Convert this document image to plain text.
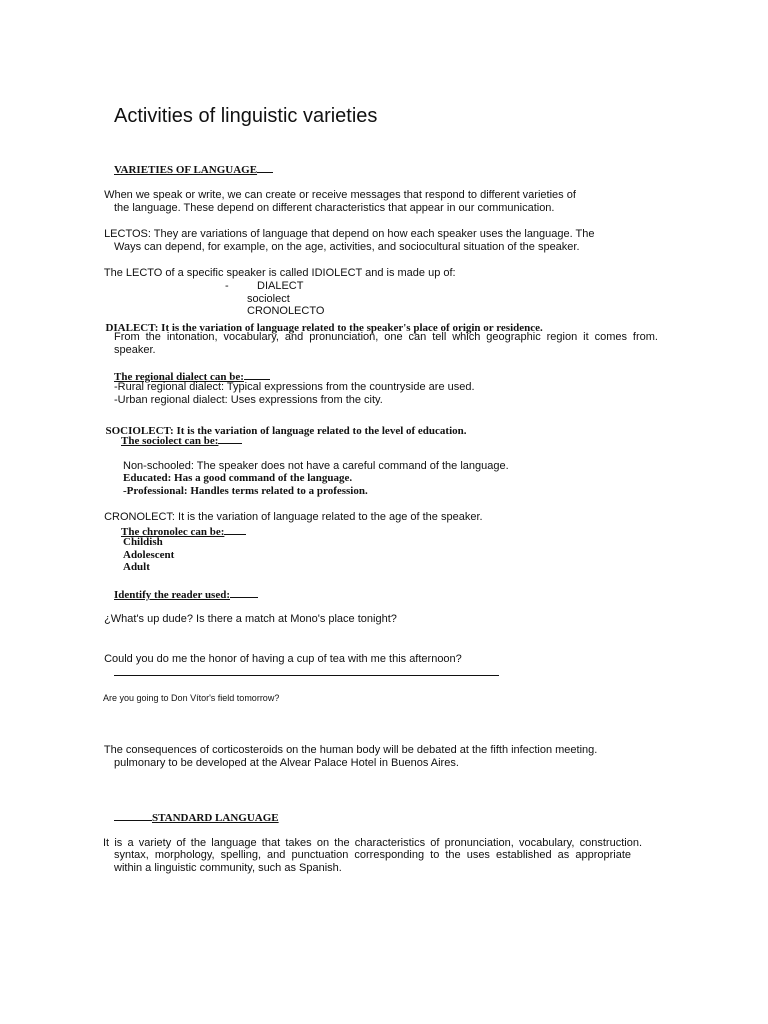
Activities of linguistic varieties
VARIETIES OF LANGUAGE
When we speak or write, we can create or receive messages that respond to different varieties of
the language. These depend on different characteristics that appear in our communication.
LECTOS: They are variations of language that depend on how each speaker uses the language. The
Ways can depend, for example, on the age, activities, and sociocultural situation of the speaker.
The LECTO of a specific speaker is called IDIOLECT and is made up of:
-	DIALECT
sociolect
CRONOLECTO
DIALECT: It is the variation of language related to the speaker's place of origin or residence.
From the intonation, vocabulary, and pronunciation, one can tell which geographic region it comes from.
speaker.
The regional dialect can be:
-Rural regional dialect: Typical expressions from the countryside are used.
-Urban regional dialect: Uses expressions from the city.
SOCIOLECT: It is the variation of language related to the level of education.
The sociolect can be:
Non-schooled: The speaker does not have a careful command of the language.
Educated: Has a good command of the language.
-Professional: Handles terms related to a profession.
CRONOLECT: It is the variation of language related to the age of the speaker.
The chronolec can be:
Childish
Adolescent
Adult
Identify the reader used:
¿What's up dude? Is there a match at Mono's place tonight?
Could you do me the honor of having a cup of tea with me this afternoon?
Are you going to Don Vítor's field tomorrow?
The consequences of corticosteroids on the human body will be debated at the fifth infection meeting.
pulmonary to be developed at the Alvear Palace Hotel in Buenos Aires.
STANDARD LANGUAGE
It is a variety of the language that takes on the characteristics of pronunciation, vocabulary, construction.
syntax, morphology, spelling, and punctuation corresponding to the uses established as appropriate
within a linguistic community, such as Spanish.
